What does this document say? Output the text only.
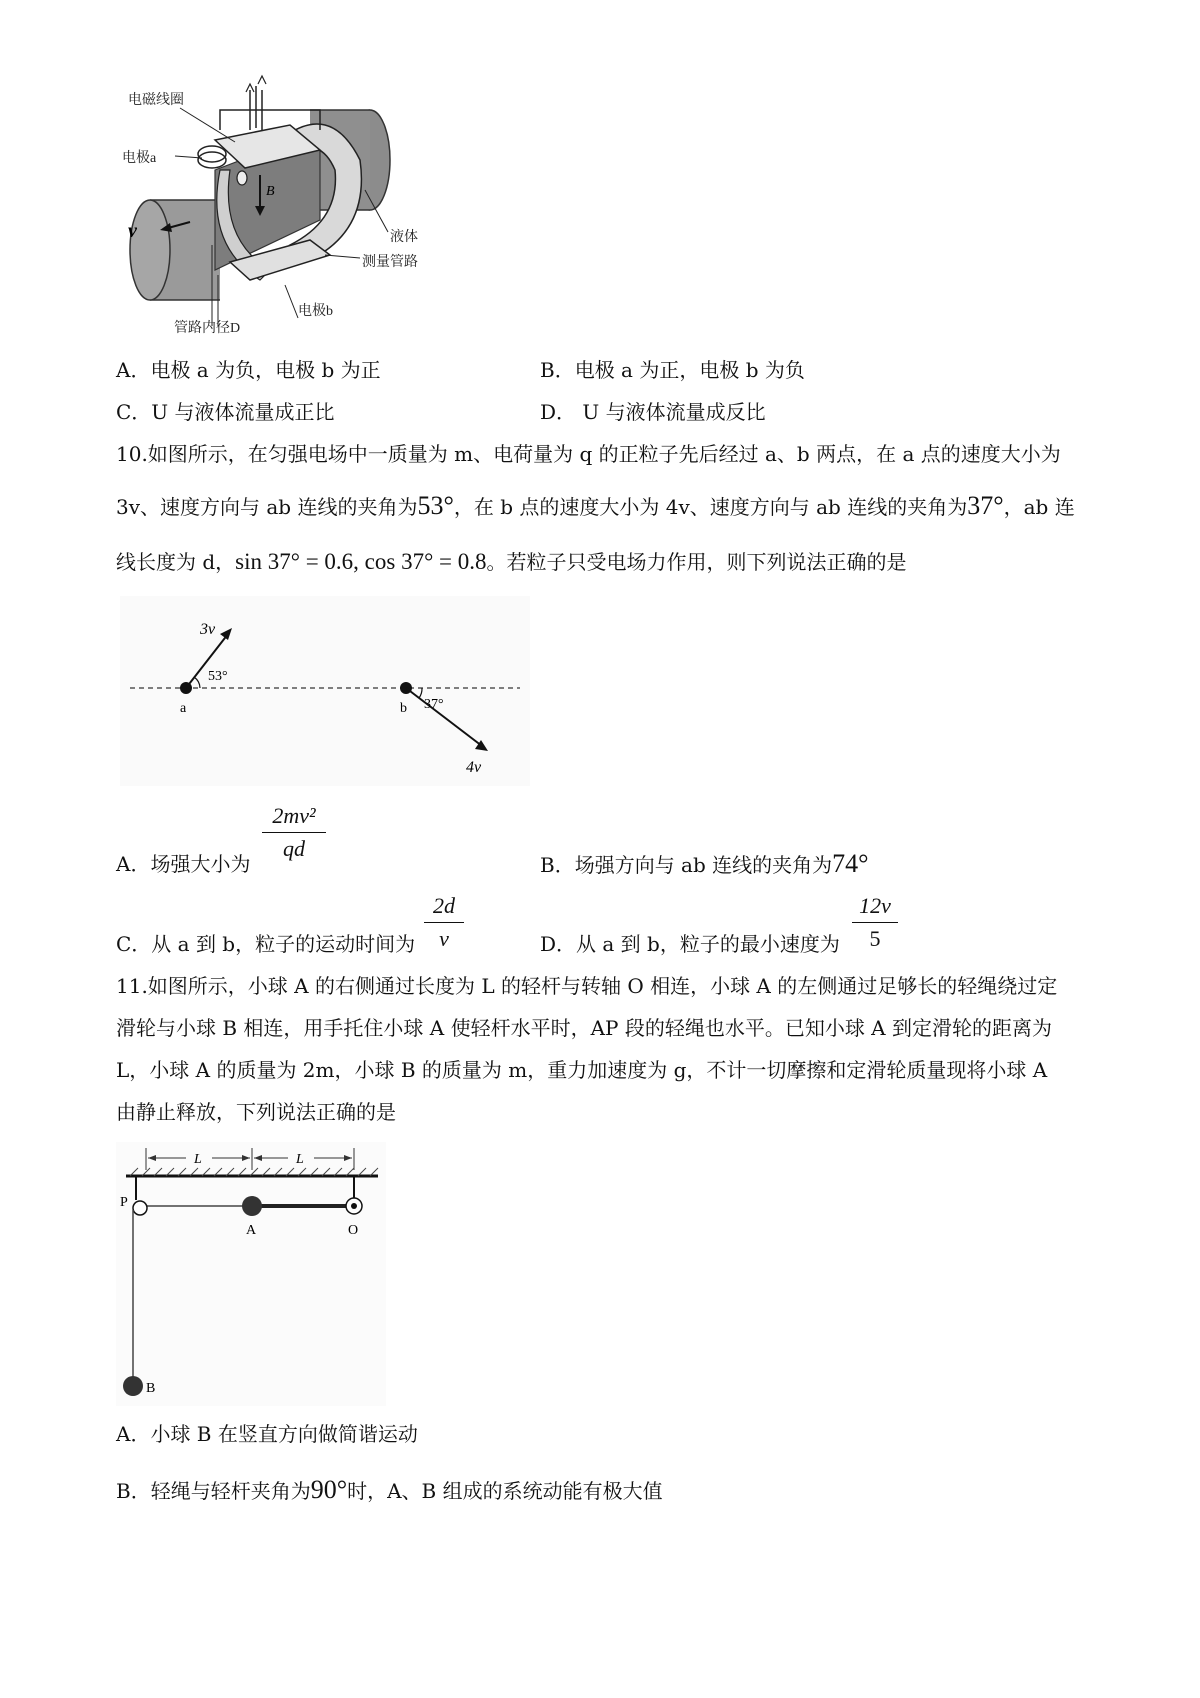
B
v
电磁线圈
电极a
液体
测量管路
电极b
管路内径D
A．电极 a 为负，电极 b 为正	B．电极 a 为正，电极 b 为负
C．U 与液体流量成正比	D． U 与液体流量成反比
10.如图所示，在匀强电场中一质量为 m、电荷量为 q 的正粒子先后经过 a、b 两点，在 a 点的速度大小为
3v、速度方向与 ab 连线的夹角为53°，在 b 点的速度大小为 4v、速度方向与 ab 连线的夹角为37°，ab 连
线长度为 d，sin 37° = 0.6, cos 37° = 0.8。若粒子只受电场力作用，则下列说法正确的是
3v
53°
a	b 37°
4v
A．场强大小为
2mv²
qd
B．场强方向与 ab 连线的夹角为74°
C．从 a 到 b，粒子的运动时间为
2d
v	D．从 a 到 b，粒子的最小速度为
12v
5
11.如图所示，小球 A 的右侧通过长度为 L 的轻杆与转轴 O 相连，小球 A 的左侧通过足够长的轻绳绕过定
滑轮与小球 B 相连，用手托住小球 A 使轻杆水平时，AP 段的轻绳也水平。已知小球 A 到定滑轮的距离为
L，小球 A 的质量为 2m，小球 B 的质量为 m，重力加速度为 g，不计一切摩擦和定滑轮质量现将小球 A
由静止释放，下列说法正确的是
L	L
P
A	O
B
A．小球 B 在竖直方向做简谐运动
B．轻绳与轻杆夹角为90°时，A、B 组成的系统动能有极大值
